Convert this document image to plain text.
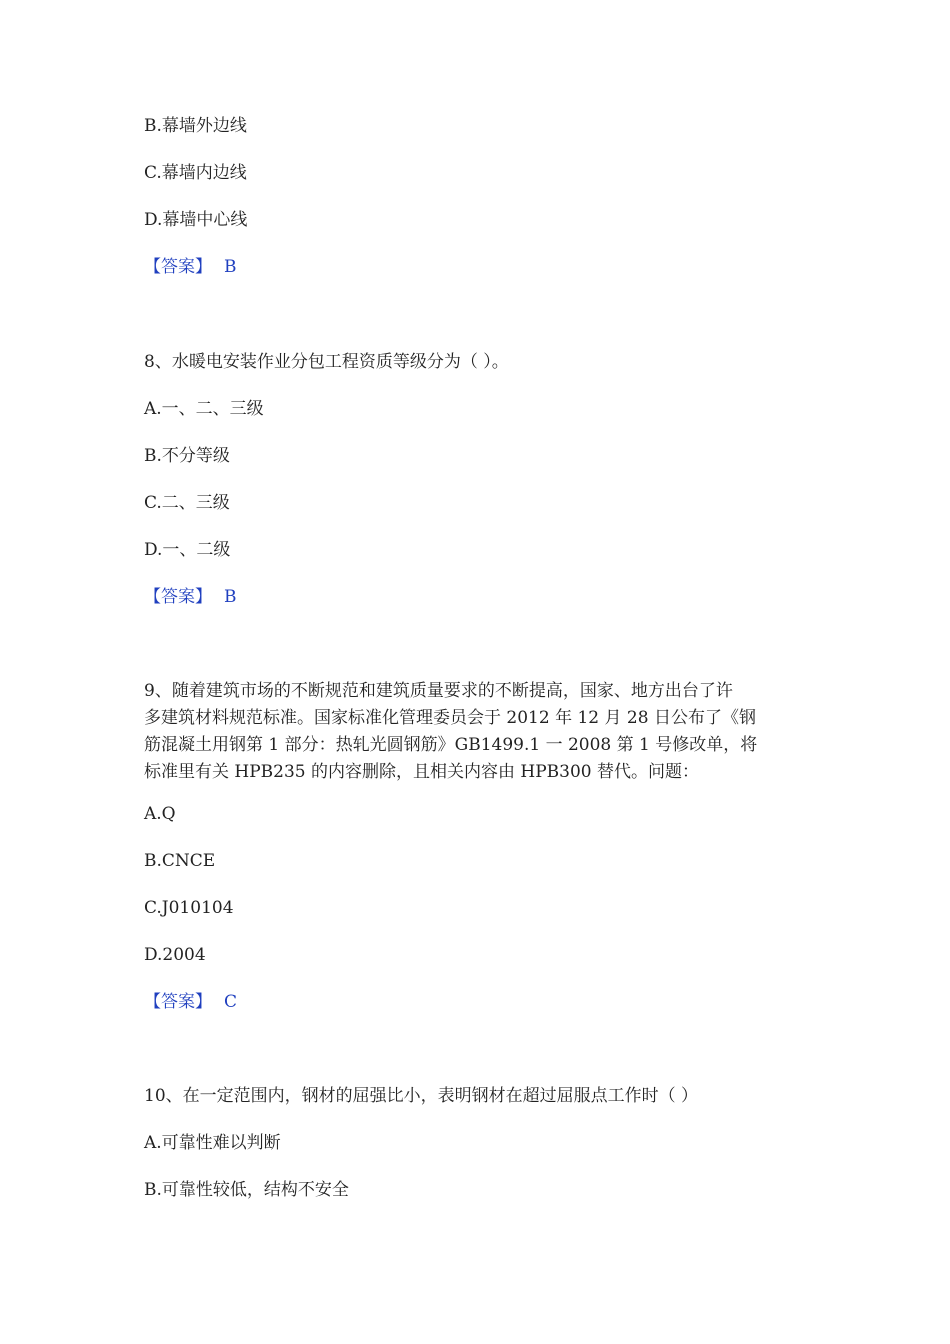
B.幕墙外边线
C.幕墙内边线
D.幕墙中心线
【答案】 B
8、水暖电安装作业分包工程资质等级分为（ ）。
A.一、二、三级
B.不分等级
C.二、三级
D.一、二级
【答案】 B
9、随着建筑市场的不断规范和建筑质量要求的不断提高，国家、地方出台了许
多建筑材料规范标准。国家标准化管理委员会于 2012 年 12 月 28 日公布了《钢
筋混凝土用钢第 1 部分：热轧光圆钢筋》GB1499.1 一 2008 第 1 号修改单，将
标准里有关 HPB235 的内容删除，且相关内容由 HPB300 替代。问题：
A.Q
B.CNCE
C.J010104
D.2004
【答案】 C
10、在一定范围内，钢材的屈强比小，表明钢材在超过屈服点工作时（ ）
A.可靠性难以判断
B.可靠性较低，结构不安全
